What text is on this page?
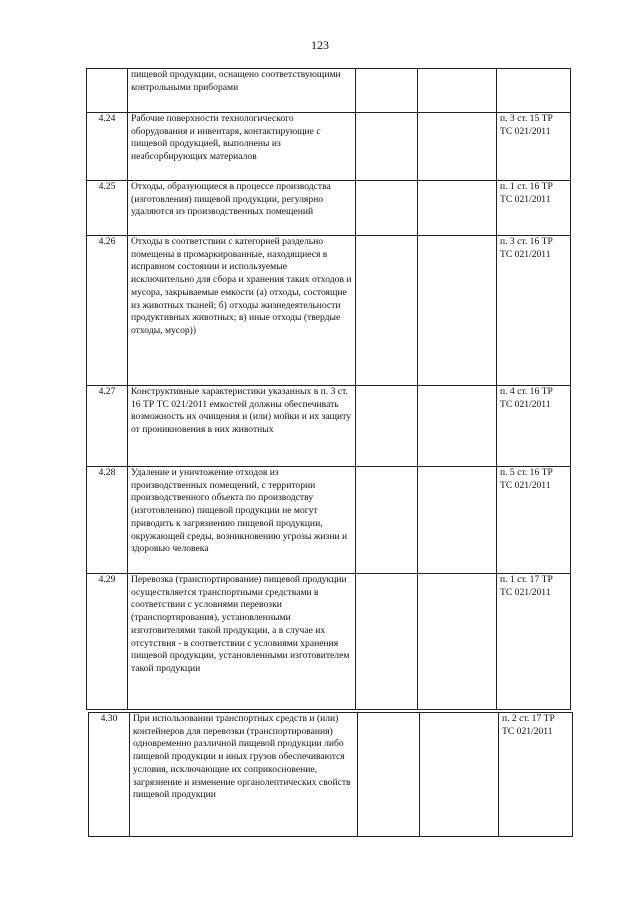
123
	пищевой продукции, оснащено соответствующими контрольными приборами			
4.24	Рабочие поверхности технологического оборудования и инвентаря, контактирующие с пищевой продукцией, выполнены из неабсорбирующих материалов			п. 3 ст. 15 ТР ТС 021/2011
4.25	Отходы, образующиеся в процессе производства (изготовления) пищевой продукции, регулярно удаляются из производственных помещений			п. 1 ст. 16 ТР ТС 021/2011
4.26	Отходы в соответствии с категорией раздельно помещены в промаркированные, находящиеся в исправном состоянии и используемые исключительно для сбора и хранения таких отходов и мусора, закрываемые емкости (а) отходы, состоящие из животных тканей; б) отходы жизнедеятельности продуктивных животных; в) иные отходы (твердые отходы, мусор))			п. 3 ст. 16 ТР ТС 021/2011
4.27	Конструктивные характеристики указанных в п. 3 ст. 16 ТР ТС 021/2011 емкостей должны обеспечивать возможность их очищения и (или) мойки и их защиту от проникновения в них животных			п. 4 ст. 16 ТР ТС 021/2011
4.28	Удаление и уничтожение отходов из производственных помещений, с территории производственного объекта по производству (изготовлению) пищевой продукции не могут приводить к загрязнению пищевой продукции, окружающей среды, возникновению угрозы жизни и здоровью человека			п. 5 ст. 16 ТР ТС 021/2011
4.29	Перевозка (транспортирование) пищевой продукции осуществляется транспортными средствами в соответствии с условиями перевозки (транспортирования), установленными изготовителями такой продукции, а в случае их отсутствия - в соответствии с условиями хранения пищевой продукции, установленными изготовителем такой продукции			п. 1 ст. 17 ТР ТС 021/2011
4.30	При использовании транспортных средств и (или) контейнеров для перевозки (транспортирования) одновременно различной пищевой продукции либо пищевой продукции и иных грузов обеспечиваются условия, исключающие их соприкосновение, загрязнение и изменение органолептических свойств пищевой продукции			п. 2 ст. 17 ТР ТС 021/2011
